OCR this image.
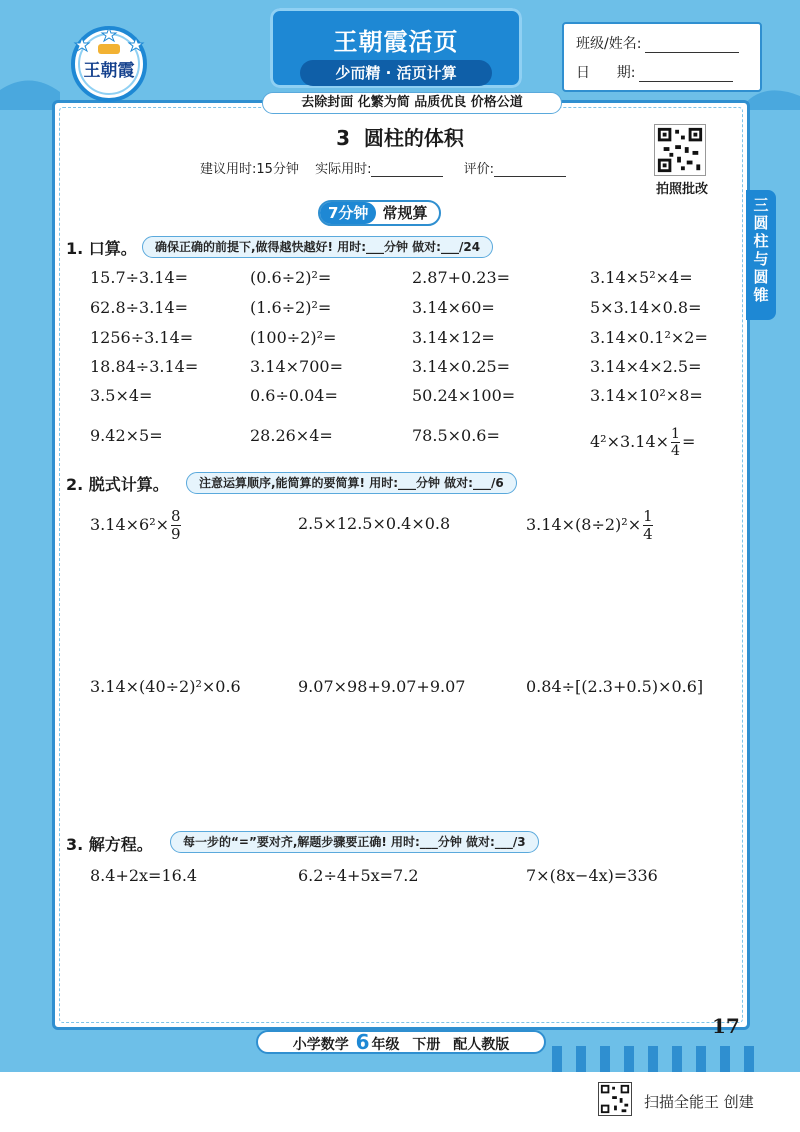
王朝霞
王朝霞活页
少而精 · 活页计算
去除封面 化繁为简 品质优良 价格公道
班级/姓名:
日      期:
3  圆柱的体积
建议用时:15分钟 实际用时:	评价:
拍照批改
三
圆
柱
与
圆
锥
7分钟 常规算
1. 口算。	确保正确的前提下,做得越快越好! 用时:___分钟 做对:___/24
15.7÷3.14=	(0.6÷2)²=	2.87+0.23=	3.14×5²×4=
62.8÷3.14=	(1.6÷2)²=	3.14×60=	5×3.14×0.8=
1256÷3.14=	(100÷2)²=	3.14×12=	3.14×0.1²×2=
18.84÷3.14=	3.14×700=	3.14×0.25=	3.14×4×2.5=
3.5×4=	0.6÷0.04=	50.24×100=	3.14×10²×8=
9.42×5=	28.26×4=	78.5×0.6=	$4^2\times 3.14\times \frac{1}{4}$ =
2. 脱式计算。	注意运算顺序,能简算的要简算! 用时:___分钟 做对:___/6
$3.14\times 6^2\times \frac{8}{9}$	2.5×12.5×0.4×0.8	$3.14\times(8\div 2)^2\times \frac{1}{4}$
3.14×(40÷2)²×0.6	9.07×98+9.07+9.07	0.84÷[(2.3+0.5)×0.6]
3. 解方程。	每一步的“=”要对齐,解题步骤要正确! 用时:___分钟 做对:___/3
8.4+2x=16.4	6.2÷4+5x=7.2	7×(8x−4x)=336
小学数学 6 年级 下册 配人教版
17
扫描全能王 创建
